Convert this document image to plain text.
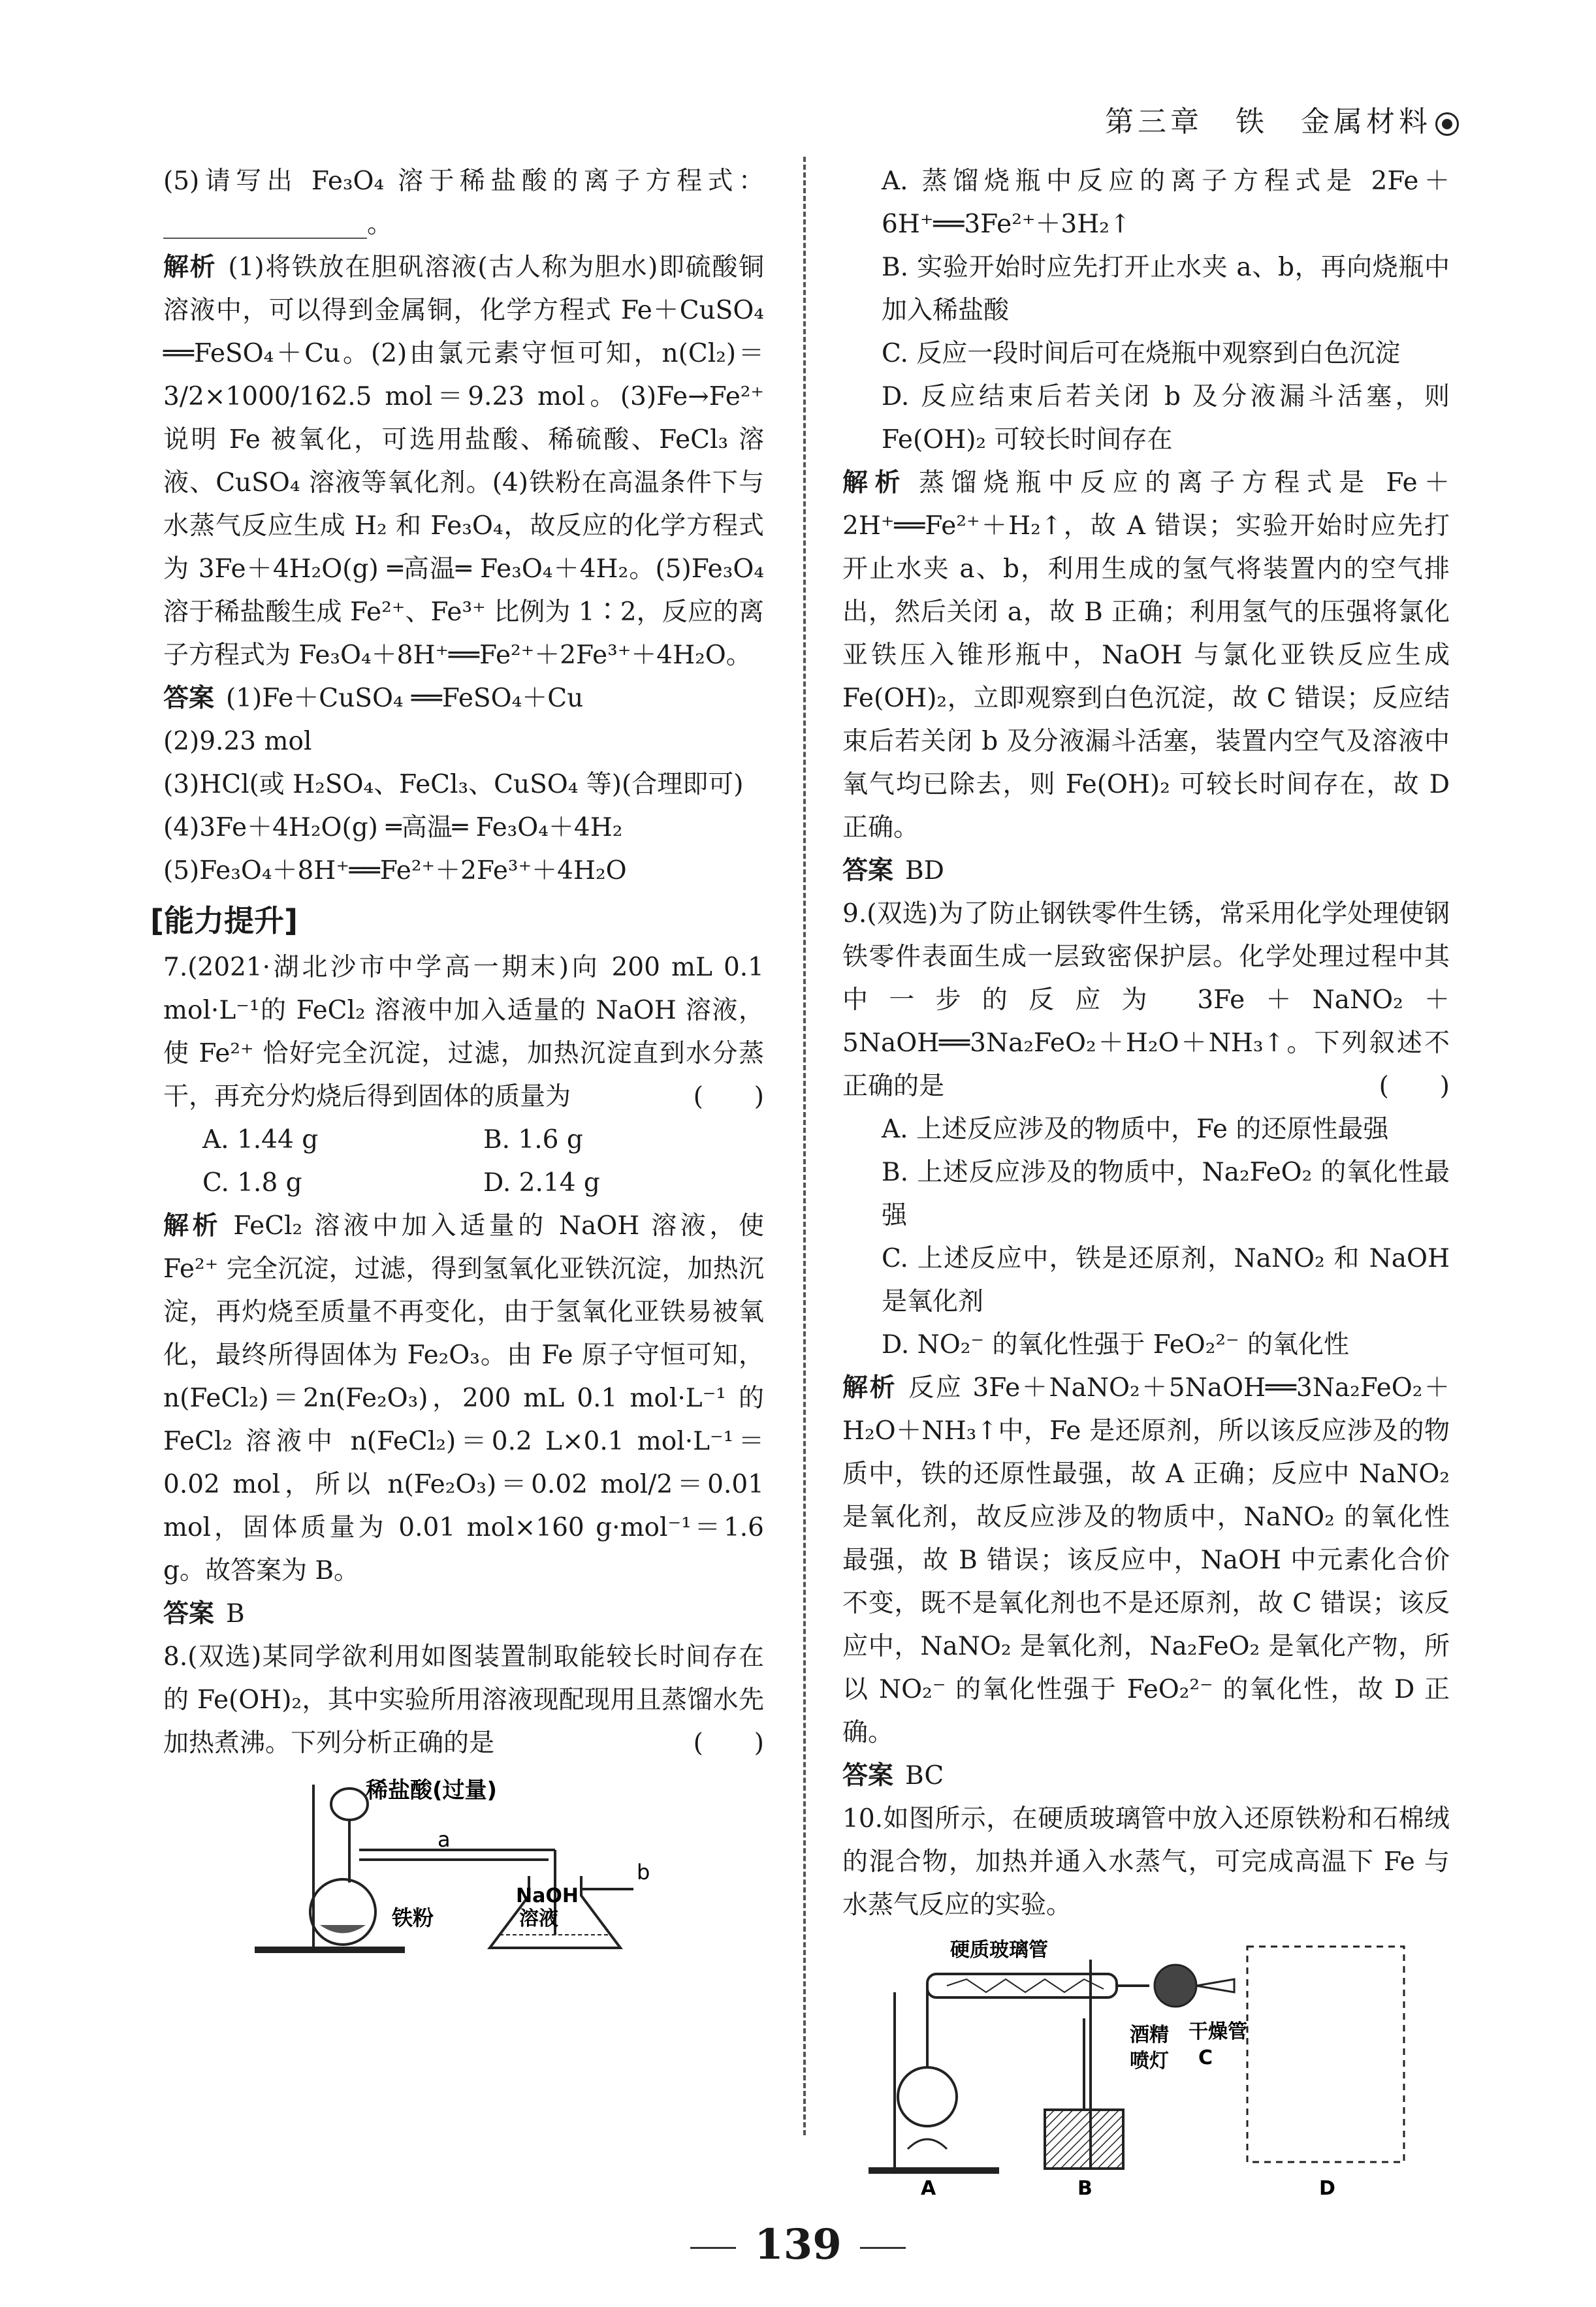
第三章　铁　金属材料

(5)请写出 Fe₃O₄ 溶于稀盐酸的离子方程式：________________。

解析 (1)将铁放在胆矾溶液(古人称为胆水)即硫酸铜溶液中，可以得到金属铜，化学方程式 Fe＋CuSO₄ ══FeSO₄＋Cu。(2)由氯元素守恒可知，n(Cl₂)＝3/2×1000/162.5 mol＝9.23 mol。(3)Fe→Fe²⁺ 说明 Fe 被氧化，可选用盐酸、稀硫酸、FeCl₃ 溶液、CuSO₄ 溶液等氧化剂。(4)铁粉在高温条件下与水蒸气反应生成 H₂ 和 Fe₃O₄，故反应的化学方程式为 3Fe＋4H₂O(g) ═高温═ Fe₃O₄＋4H₂。(5)Fe₃O₄ 溶于稀盐酸生成 Fe²⁺、Fe³⁺ 比例为 1∶2，反应的离子方程式为 Fe₃O₄＋8H⁺══Fe²⁺＋2Fe³⁺＋4H₂O。

答案 (1)Fe＋CuSO₄ ══FeSO₄＋Cu

(2)9.23 mol

(3)HCl(或 H₂SO₄、FeCl₃、CuSO₄ 等)(合理即可)

(4)3Fe＋4H₂O(g) ═高温═ Fe₃O₄＋4H₂

(5)Fe₃O₄＋8H⁺══Fe²⁺＋2Fe³⁺＋4H₂O

[能力提升]

7.(2021·湖北沙市中学高一期末)向 200 mL 0.1 mol·L⁻¹的 FeCl₂ 溶液中加入适量的 NaOH 溶液，使 Fe²⁺ 恰好完全沉淀，过滤，加热沉淀直到水分蒸干，再充分灼烧后得到固体的质量为	(　　)

A. 1.44 g	B. 1.6 g
C. 1.8 g	D. 2.14 g

解析 FeCl₂ 溶液中加入适量的 NaOH 溶液，使 Fe²⁺ 完全沉淀，过滤，得到氢氧化亚铁沉淀，加热沉淀，再灼烧至质量不再变化，由于氢氧化亚铁易被氧化，最终所得固体为 Fe₂O₃。由 Fe 原子守恒可知，n(FeCl₂)＝2n(Fe₂O₃)，200 mL 0.1 mol·L⁻¹ 的 FeCl₂ 溶液中 n(FeCl₂)＝0.2 L×0.1 mol·L⁻¹＝0.02 mol，所以 n(Fe₂O₃)＝0.02 mol/2＝0.01 mol，固体质量为 0.01 mol×160 g·mol⁻¹＝1.6 g。故答案为 B。

答案 B

8.(双选)某同学欲利用如图装置制取能较长时间存在的 Fe(OH)₂，其中实验所用溶液现配现用且蒸馏水先加热煮沸。下列分析正确的是	(　　)

稀盐酸(过量)
a
b
NaOH
溶液
铁粉

A. 蒸馏烧瓶中反应的离子方程式是 2Fe＋6H⁺══3Fe²⁺＋3H₂↑

B. 实验开始时应先打开止水夹 a、b，再向烧瓶中加入稀盐酸

C. 反应一段时间后可在烧瓶中观察到白色沉淀

D. 反应结束后若关闭 b 及分液漏斗活塞，则 Fe(OH)₂ 可较长时间存在

解析 蒸馏烧瓶中反应的离子方程式是 Fe＋2H⁺══Fe²⁺＋H₂↑，故 A 错误；实验开始时应先打开止水夹 a、b，利用生成的氢气将装置内的空气排出，然后关闭 a，故 B 正确；利用氢气的压强将氯化亚铁压入锥形瓶中，NaOH 与氯化亚铁反应生成 Fe(OH)₂，立即观察到白色沉淀，故 C 错误；反应结束后若关闭 b 及分液漏斗活塞，装置内空气及溶液中氧气均已除去，则 Fe(OH)₂ 可较长时间存在，故 D 正确。

答案 BD

9.(双选)为了防止钢铁零件生锈，常采用化学处理使钢铁零件表面生成一层致密保护层。化学处理过程中其中一步的反应为 3Fe＋NaNO₂＋5NaOH══3Na₂FeO₂＋H₂O＋NH₃↑。下列叙述不正确的是	(　　)

A. 上述反应涉及的物质中，Fe 的还原性最强

B. 上述反应涉及的物质中，Na₂FeO₂ 的氧化性最强

C. 上述反应中，铁是还原剂，NaNO₂ 和 NaOH 是氧化剂

D. NO₂⁻ 的氧化性强于 FeO₂²⁻ 的氧化性

解析 反应 3Fe＋NaNO₂＋5NaOH══3Na₂FeO₂＋H₂O＋NH₃↑中，Fe 是还原剂，所以该反应涉及的物质中，铁的还原性最强，故 A 正确；反应中 NaNO₂ 是氧化剂，故反应涉及的物质中，NaNO₂ 的氧化性最强，故 B 错误；该反应中，NaOH 中元素化合价不变，既不是氧化剂也不是还原剂，故 C 错误；该反应中，NaNO₂ 是氧化剂，Na₂FeO₂ 是氧化产物，所以 NO₂⁻ 的氧化性强于 FeO₂²⁻ 的氧化性，故 D 正确。

答案 BC

10.如图所示，在硬质玻璃管中放入还原铁粉和石棉绒的混合物，加热并通入水蒸气，可完成高温下 Fe 与水蒸气反应的实验。

硬质玻璃管
酒精
喷灯
干燥管
C
A	B	D
139
